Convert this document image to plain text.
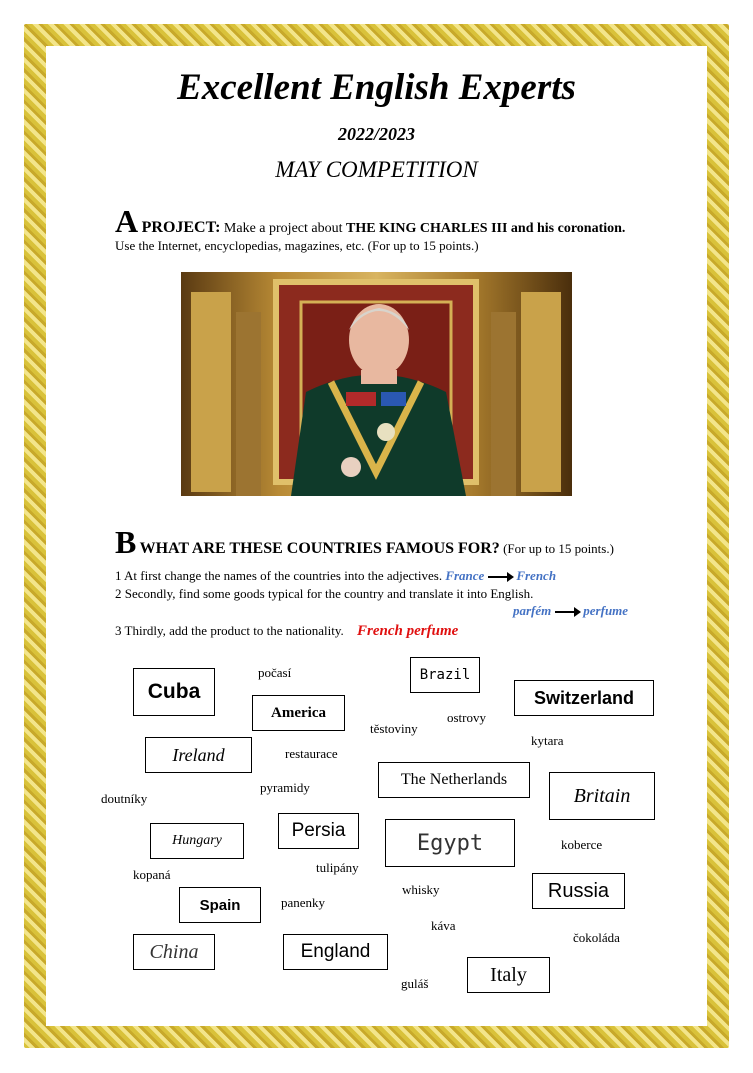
Excellent English Experts
2022/2023
MAY COMPETITION
A PROJECT: Make a project about THE KING CHARLES III and his coronation.
Use the Internet, encyclopedias, magazines, etc. (For up to 15 points.)
B WHAT ARE THESE COUNTRIES FAMOUS FOR? (For up to 15 points.)
1 At first change the names of the countries into the adjectives. France French
2 Secondly, find some goods typical for the country and translate it into English.
parfém perfume
3 Thirdly, add the product to the nationality. French perfume
Cuba
America
Brazil
Switzerland
Ireland
The Netherlands
Britain
Hungary	Persia	Egypt
Russia
Spain
China	England
Italy
počasí
ostrovy
těstoviny
kytara
restaurace
pyramidy
doutníky
koberce
tulipány
kopaná
whisky
panenky
káva
čokoláda
guláš
